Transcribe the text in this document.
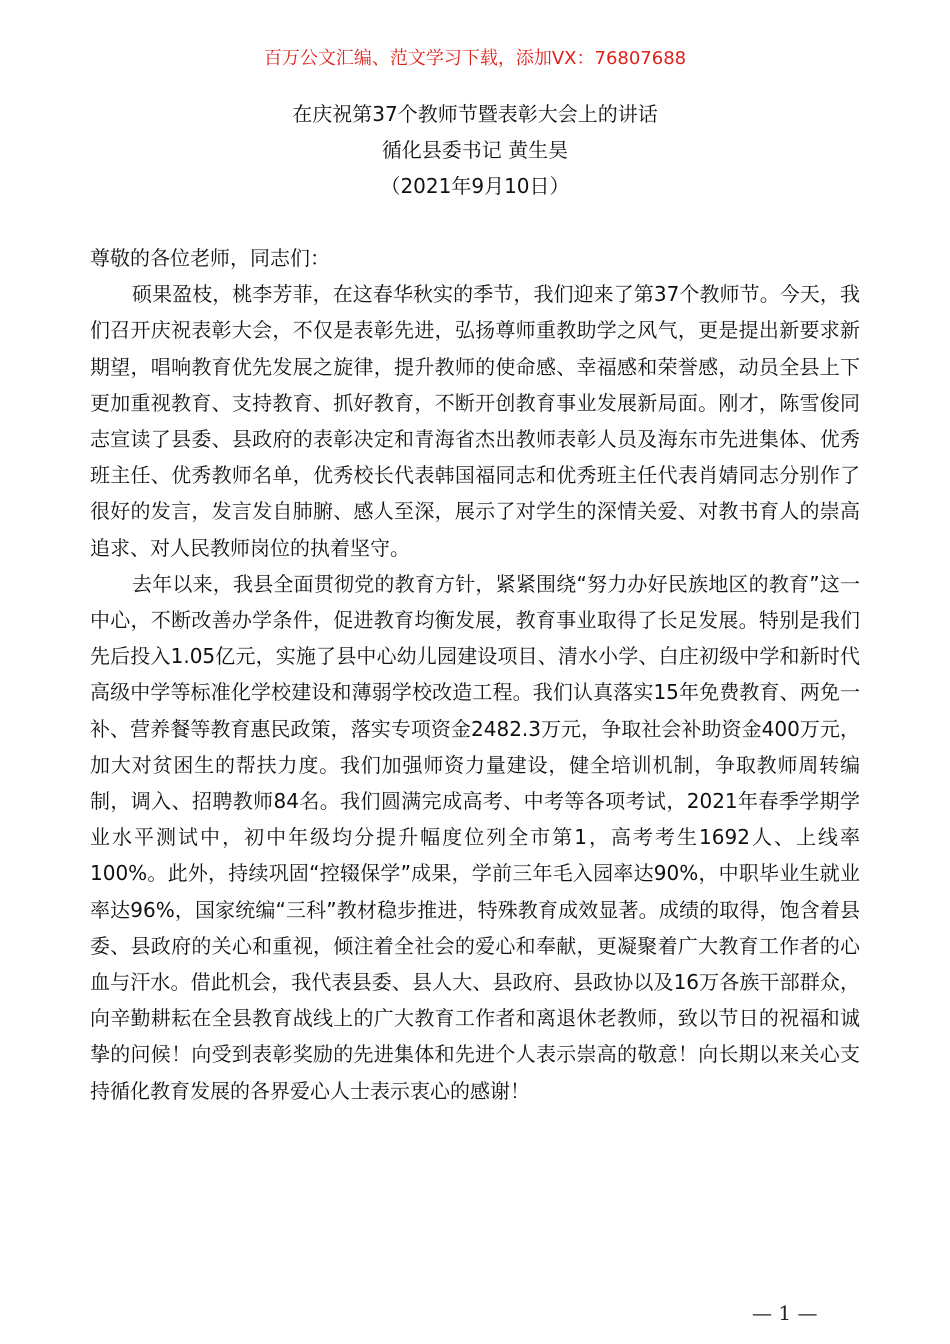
百万公文汇编、范文学习下载，添加VX：76807688

在庆祝第37个教师节暨表彰大会上的讲话

循化县委书记 黄生昊

（2021年9月10日）

尊敬的各位老师，同志们：

硕果盈枝，桃李芳菲，在这春华秋实的季节，我们迎来了第37个教师节。今天，我们召开庆祝表彰大会，不仅是表彰先进，弘扬尊师重教助学之风气，更是提出新要求新期望，唱响教育优先发展之旋律，提升教师的使命感、幸福感和荣誉感，动员全县上下更加重视教育、支持教育、抓好教育，不断开创教育事业发展新局面。刚才，陈雪俊同志宣读了县委、县政府的表彰决定和青海省杰出教师表彰人员及海东市先进集体、优秀班主任、优秀教师名单，优秀校长代表韩国福同志和优秀班主任代表肖婧同志分别作了很好的发言，发言发自肺腑、感人至深，展示了对学生的深情关爱、对教书育人的崇高追求、对人民教师岗位的执着坚守。

去年以来，我县全面贯彻党的教育方针，紧紧围绕“努力办好民族地区的教育”这一中心，不断改善办学条件，促进教育均衡发展，教育事业取得了长足发展。特别是我们先后投入1.05亿元，实施了县中心幼儿园建设项目、清水小学、白庄初级中学和新时代高级中学等标准化学校建设和薄弱学校改造工程。我们认真落实15年免费教育、两免一补、营养餐等教育惠民政策，落实专项资金2482.3万元，争取社会补助资金400万元，加大对贫困生的帮扶力度。我们加强师资力量建设，健全培训机制，争取教师周转编制，调入、招聘教师84名。我们圆满完成高考、中考等各项考试，2021年春季学期学业水平测试中，初中年级均分提升幅度位列全市第1，高考考生1692人、上线率100%。此外，持续巩固“控辍保学”成果，学前三年毛入园率达90%，中职毕业生就业率达96%，国家统编“三科”教材稳步推进，特殊教育成效显著。成绩的取得，饱含着县委、县政府的关心和重视，倾注着全社会的爱心和奉献，更凝聚着广大教育工作者的心血与汗水。借此机会，我代表县委、县人大、县政府、县政协以及16万各族干部群众，向辛勤耕耘在全县教育战线上的广大教育工作者和离退休老教师，致以节日的祝福和诚挚的问候！向受到表彰奖励的先进集体和先进个人表示崇高的敬意！向长期以来关心支持循化教育发展的各界爱心人士表示衷心的感谢！

— 1 —
